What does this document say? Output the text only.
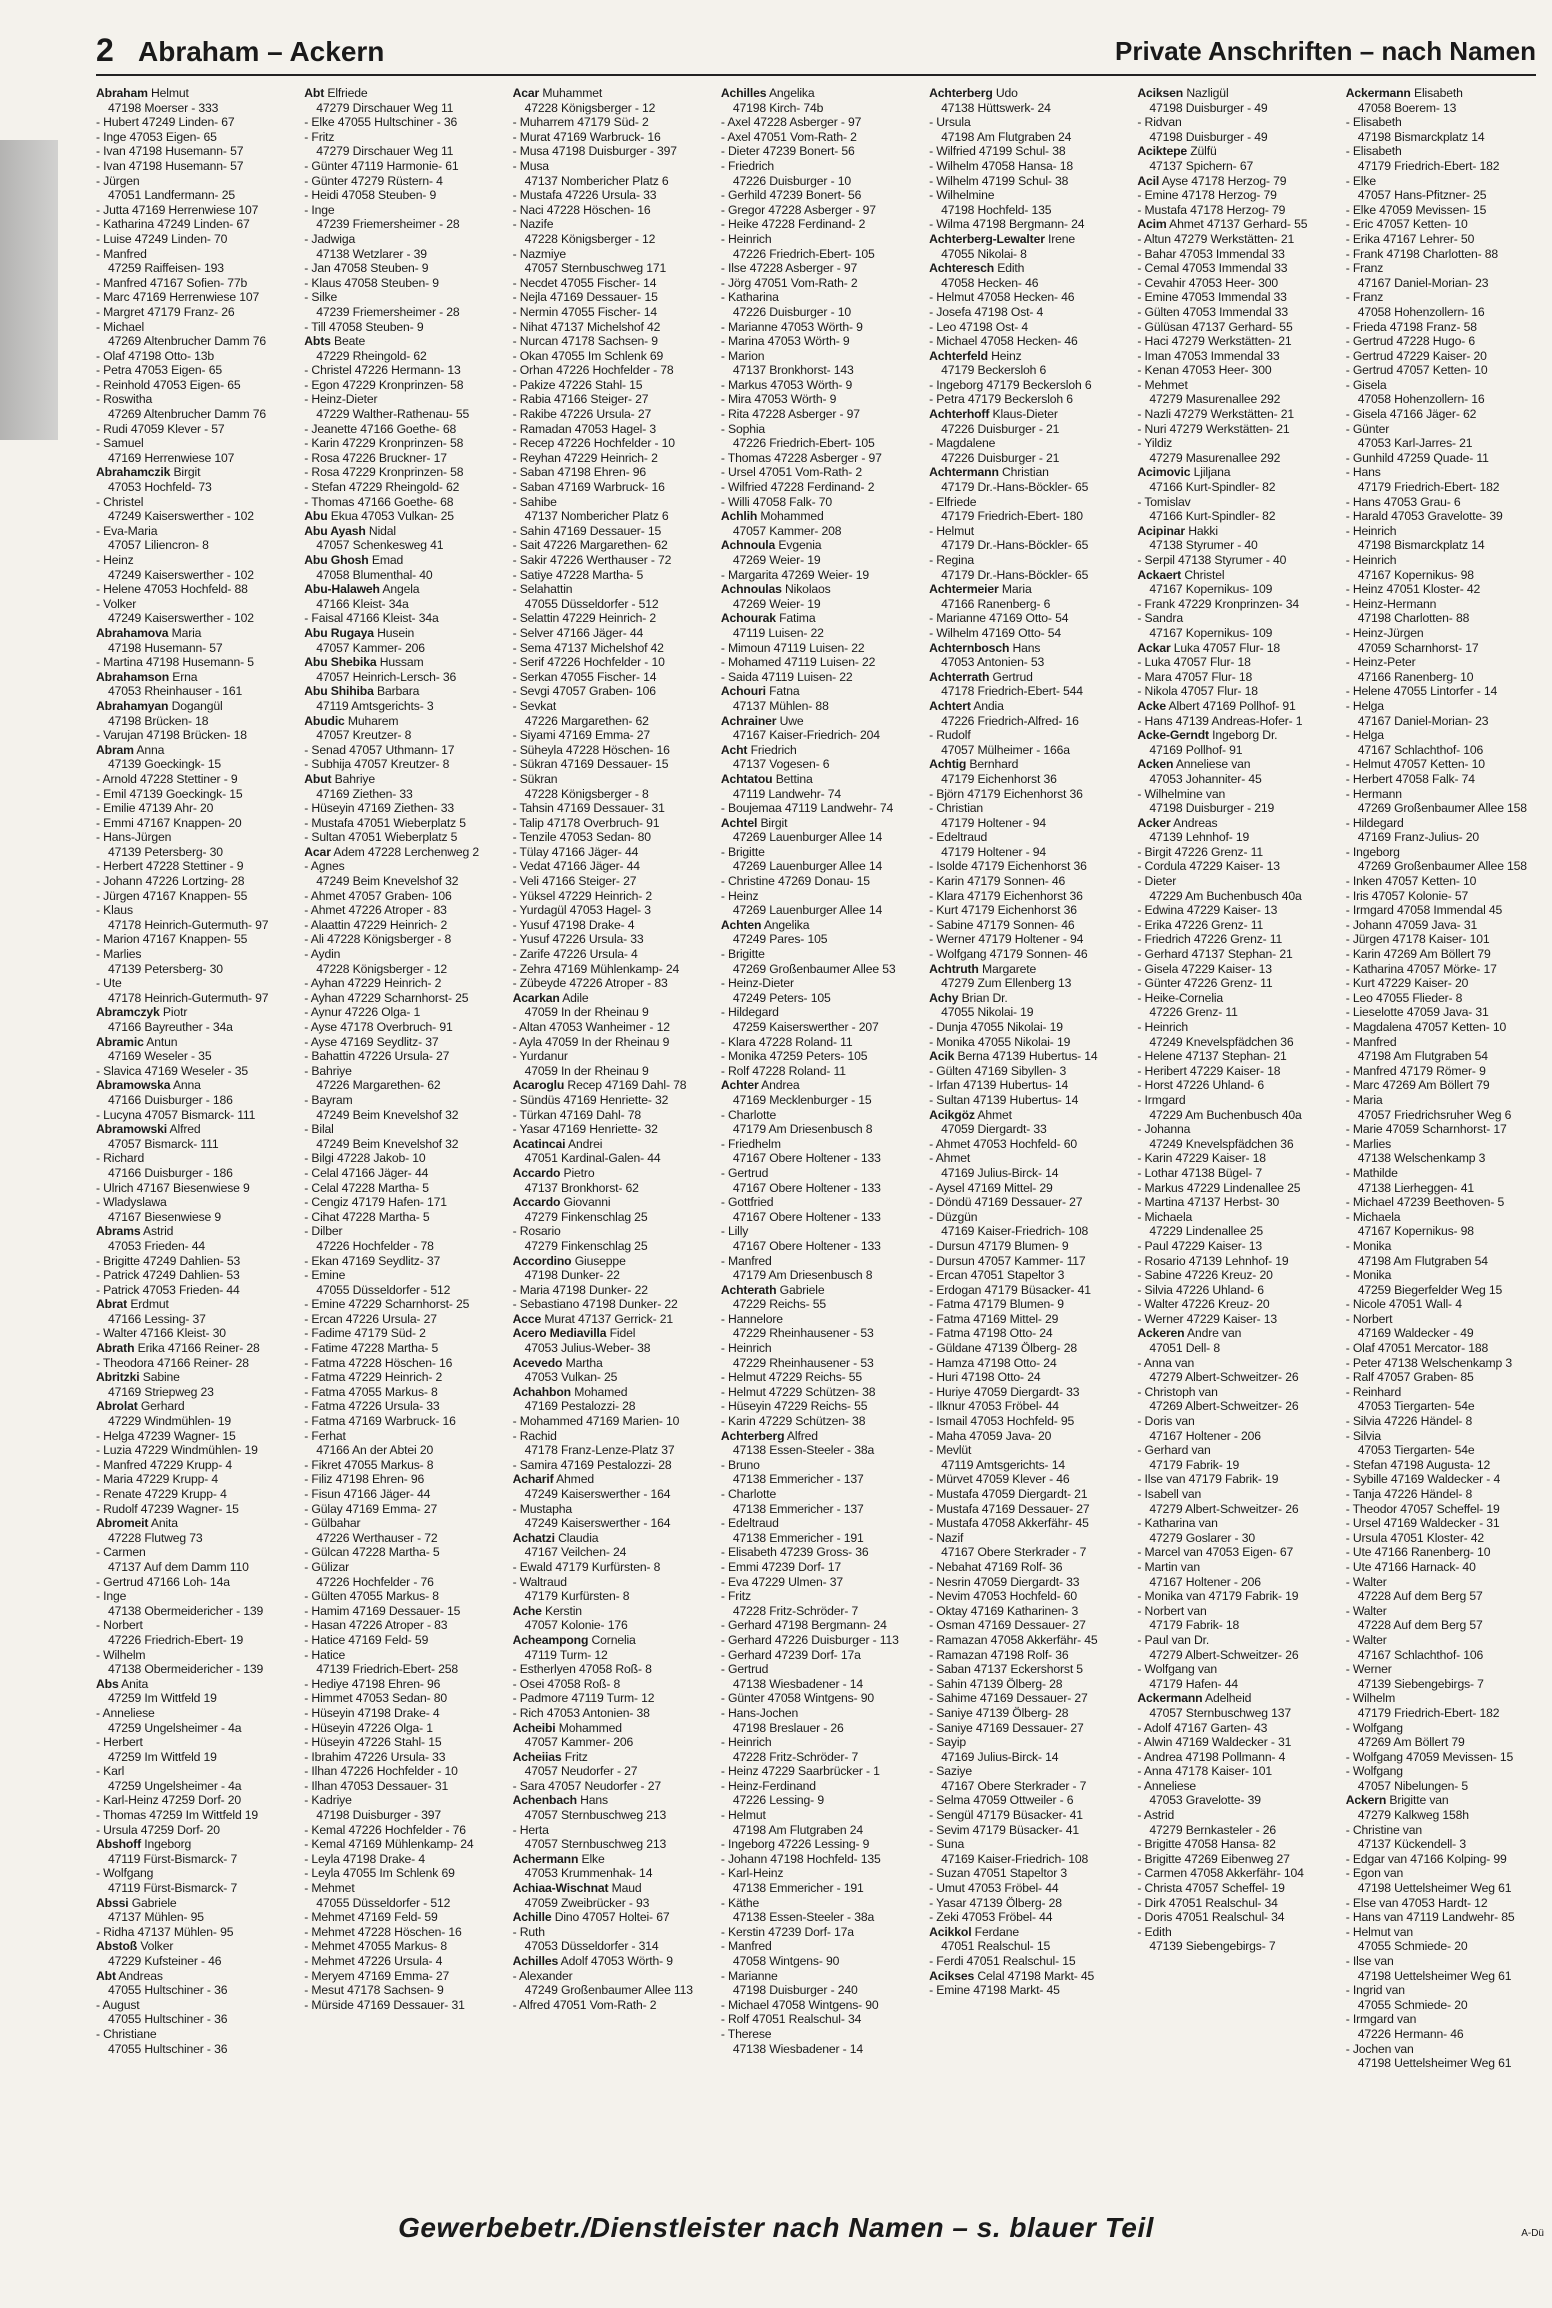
2 Abraham – Ackern	Private Anschriften – nach Namen
Abraham Helmut
47198 Moerser - 333
- Hubert 47249 Linden- 67
- Inge 47053 Eigen- 65
- Ivan 47198 Husemann- 57
- Ivan 47198 Husemann- 57
- Jürgen
47051 Landfermann- 25
- Jutta 47169 Herrenwiese 107
- Katharina 47249 Linden- 67
- Luise 47249 Linden- 70
- Manfred
47259 Raiffeisen- 193
- Manfred 47167 Sofien- 77b
- Marc 47169 Herrenwiese 107
- Margret 47179 Franz- 26
- Michael
47269 Altenbrucher Damm 76
- Olaf 47198 Otto- 13b
- Petra 47053 Eigen- 65
- Reinhold 47053 Eigen- 65
- Roswitha
47269 Altenbrucher Damm 76
- Rudi 47059 Klever - 57
- Samuel
47169 Herrenwiese 107
Abrahamczik Birgit
47053 Hochfeld- 73
- Christel
47249 Kaiserswerther - 102
- Eva-Maria
47057 Liliencron- 8
- Heinz
47249 Kaiserswerther - 102
- Helene 47053 Hochfeld- 88
- Volker
47249 Kaiserswerther - 102
Abrahamova Maria
47198 Husemann- 57
- Martina 47198 Husemann- 5
Abrahamson Erna
47053 Rheinhauser - 161
Abrahamyan Dogangül
47198 Brücken- 18
- Varujan 47198 Brücken- 18
Abram Anna
47139 Goeckingk- 15
- Arnold 47228 Stettiner - 9
- Emil 47139 Goeckingk- 15
- Emilie 47139 Ahr- 20
- Emmi 47167 Knappen- 20
- Hans-Jürgen
47139 Petersberg- 30
- Herbert 47228 Stettiner - 9
- Johann 47226 Lortzing- 28
- Jürgen 47167 Knappen- 55
- Klaus
47178 Heinrich-Gutermuth- 97
- Marion 47167 Knappen- 55
- Marlies
47139 Petersberg- 30
- Ute
47178 Heinrich-Gutermuth- 97
Abramczyk Piotr
47166 Bayreuther - 34a
Abramic Antun
47169 Weseler - 35
- Slavica 47169 Weseler - 35
Abramowska Anna
47166 Duisburger - 186
- Lucyna 47057 Bismarck- 111
Abramowski Alfred
47057 Bismarck- 111
- Richard
47166 Duisburger - 186
- Ulrich 47167 Biesenwiese 9
- Wladyslawa
47167 Biesenwiese 9
Abrams Astrid
47053 Frieden- 44
- Brigitte 47249 Dahlien- 53
- Patrick 47249 Dahlien- 53
- Patrick 47053 Frieden- 44
Abrat Erdmut
47166 Lessing- 37
- Walter 47166 Kleist- 30
Abrath Erika 47166 Reiner- 28
- Theodora 47166 Reiner- 28
Abritzki Sabine
47169 Striepweg 23
Abrolat Gerhard
47229 Windmühlen- 19
- Helga 47239 Wagner- 15
- Luzia 47229 Windmühlen- 19
- Manfred 47229 Krupp- 4
- Maria 47229 Krupp- 4
- Renate 47229 Krupp- 4
- Rudolf 47239 Wagner- 15
Abromeit Anita
47228 Flutweg 73
- Carmen
47137 Auf dem Damm 110
- Gertrud 47166 Loh- 14a
- Inge
47138 Obermeidericher - 139
- Norbert
47226 Friedrich-Ebert- 19
- Wilhelm
47138 Obermeidericher - 139
Abs Anita
47259 Im Wittfeld 19
- Anneliese
47259 Ungelsheimer - 4a
- Herbert
47259 Im Wittfeld 19
- Karl
47259 Ungelsheimer - 4a
- Karl-Heinz 47259 Dorf- 20
- Thomas 47259 Im Wittfeld 19
- Ursula 47259 Dorf- 20
Abshoff Ingeborg
47119 Fürst-Bismarck- 7
- Wolfgang
47119 Fürst-Bismarck- 7
Abssi Gabriele
47137 Mühlen- 95
- Ridha 47137 Mühlen- 95
Abstoß Volker
47229 Kufsteiner - 46
Abt Andreas
47055 Hultschiner - 36
- August
47055 Hultschiner - 36
- Christiane
47055 Hultschiner - 36
Abt Elfriede
47279 Dirschauer Weg 11
- Elke 47055 Hultschiner - 36
- Fritz
47279 Dirschauer Weg 11
- Günter 47119 Harmonie- 61
- Günter 47279 Rüstern- 4
- Heidi 47058 Steuben- 9
- Inge
47239 Friemersheimer - 28
- Jadwiga
47138 Wetzlarer - 39
- Jan 47058 Steuben- 9
- Klaus 47058 Steuben- 9
- Silke
47239 Friemersheimer - 28
- Till 47058 Steuben- 9
Abts Beate
47229 Rheingold- 62
- Christel 47226 Hermann- 13
- Egon 47229 Kronprinzen- 58
- Heinz-Dieter
47229 Walther-Rathenau- 55
- Jeanette 47166 Goethe- 68
- Karin 47229 Kronprinzen- 58
- Rosa 47226 Bruckner- 17
- Rosa 47229 Kronprinzen- 58
- Stefan 47229 Rheingold- 62
- Thomas 47166 Goethe- 68
Abu Ekua 47053 Vulkan- 25
Abu Ayash Nidal
47057 Schenkesweg 41
Abu Ghosh Emad
47058 Blumenthal- 40
Abu-Halaweh Angela
47166 Kleist- 34a
- Faisal 47166 Kleist- 34a
Abu Rugaya Husein
47057 Kammer- 206
Abu Shebika Hussam
47057 Heinrich-Lersch- 36
Abu Shihiba Barbara
47119 Amtsgerichts- 3
Abudic Muharem
47057 Kreutzer- 8
- Senad 47057 Uthmann- 17
- Subhija 47057 Kreutzer- 8
Abut Bahriye
47169 Ziethen- 33
- Hüseyin 47169 Ziethen- 33
- Mustafa 47051 Wieberplatz 5
- Sultan 47051 Wieberplatz 5
Acar Adem 47228 Lerchenweg 2
- Agnes
47249 Beim Knevelshof 32
- Ahmet 47057 Graben- 106
- Ahmet 47226 Atroper - 83
- Alaattin 47229 Heinrich- 2
- Ali 47228 Königsberger - 8
- Aydin
47228 Königsberger - 12
- Ayhan 47229 Heinrich- 2
- Ayhan 47229 Scharnhorst- 25
- Aynur 47226 Olga- 1
- Ayse 47178 Overbruch- 91
- Ayse 47169 Seydlitz- 37
- Bahattin 47226 Ursula- 27
- Bahriye
47226 Margarethen- 62
- Bayram
47249 Beim Knevelshof 32
- Bilal
47249 Beim Knevelshof 32
- Bilgi 47228 Jakob- 10
- Celal 47166 Jäger- 44
- Celal 47228 Martha- 5
- Cengiz 47179 Hafen- 171
- Cihat 47228 Martha- 5
- Dilber
47226 Hochfelder - 78
- Ekan 47169 Seydlitz- 37
- Emine
47055 Düsseldorfer - 512
- Emine 47229 Scharnhorst- 25
- Ercan 47226 Ursula- 27
- Fadime 47179 Süd- 2
- Fatime 47228 Martha- 5
- Fatma 47228 Höschen- 16
- Fatma 47229 Heinrich- 2
- Fatma 47055 Markus- 8
- Fatma 47226 Ursula- 33
- Fatma 47169 Warbruck- 16
- Ferhat
47166 An der Abtei 20
- Fikret 47055 Markus- 8
- Filiz 47198 Ehren- 96
- Fisun 47166 Jäger- 44
- Gülay 47169 Emma- 27
- Gülbahar
47226 Werthauser - 72
- Gülcan 47228 Martha- 5
- Gülizar
47226 Hochfelder - 76
- Gülten 47055 Markus- 8
- Hamim 47169 Dessauer- 15
- Hasan 47226 Atroper - 83
- Hatice 47169 Feld- 59
- Hatice
47139 Friedrich-Ebert- 258
- Hediye 47198 Ehren- 96
- Himmet 47053 Sedan- 80
- Hüseyin 47198 Drake- 4
- Hüseyin 47226 Olga- 1
- Hüseyin 47226 Stahl- 15
- Ibrahim 47226 Ursula- 33
- Ilhan 47226 Hochfelder - 10
- Ilhan 47053 Dessauer- 31
- Kadriye
47198 Duisburger - 397
- Kemal 47226 Hochfelder - 76
- Kemal 47169 Mühlenkamp- 24
- Leyla 47198 Drake- 4
- Leyla 47055 Im Schlenk 69
- Mehmet
47055 Düsseldorfer - 512
- Mehmet 47169 Feld- 59
- Mehmet 47228 Höschen- 16
- Mehmet 47055 Markus- 8
- Mehmet 47226 Ursula- 4
- Meryem 47169 Emma- 27
- Mesut 47178 Sachsen- 9
- Mürside 47169 Dessauer- 31
Acar Muhammet
47228 Königsberger - 12
- Muharrem 47179 Süd- 2
- Murat 47169 Warbruck- 16
- Musa 47198 Duisburger - 397
- Musa
47137 Nombericher Platz 6
- Mustafa 47226 Ursula- 33
- Naci 47228 Höschen- 16
- Nazife
47228 Königsberger - 12
- Nazmiye
47057 Sternbuschweg 171
- Necdet 47055 Fischer- 14
- Nejla 47169 Dessauer- 15
- Nermin 47055 Fischer- 14
- Nihat 47137 Michelshof 42
- Nurcan 47178 Sachsen- 9
- Okan 47055 Im Schlenk 69
- Orhan 47226 Hochfelder - 78
- Pakize 47226 Stahl- 15
- Rabia 47166 Steiger- 27
- Rakibe 47226 Ursula- 27
- Ramadan 47053 Hagel- 3
- Recep 47226 Hochfelder - 10
- Reyhan 47229 Heinrich- 2
- Saban 47198 Ehren- 96
- Saban 47169 Warbruck- 16
- Sahibe
47137 Nombericher Platz 6
- Sahin 47169 Dessauer- 15
- Sait 47226 Margarethen- 62
- Sakir 47226 Werthauser - 72
- Satiye 47228 Martha- 5
- Selahattin
47055 Düsseldorfer - 512
- Selattin 47229 Heinrich- 2
- Selver 47166 Jäger- 44
- Sema 47137 Michelshof 42
- Serif 47226 Hochfelder - 10
- Serkan 47055 Fischer- 14
- Sevgi 47057 Graben- 106
- Sevkat
47226 Margarethen- 62
- Siyami 47169 Emma- 27
- Süheyla 47228 Höschen- 16
- Sükran 47169 Dessauer- 15
- Sükran
47228 Königsberger - 8
- Tahsin 47169 Dessauer- 31
- Talip 47178 Overbruch- 91
- Tenzile 47053 Sedan- 80
- Tülay 47166 Jäger- 44
- Vedat 47166 Jäger- 44
- Veli 47166 Steiger- 27
- Yüksel 47229 Heinrich- 2
- Yurdagül 47053 Hagel- 3
- Yusuf 47198 Drake- 4
- Yusuf 47226 Ursula- 33
- Zarife 47226 Ursula- 4
- Zehra 47169 Mühlenkamp- 24
- Zübeyde 47226 Atroper - 83
Acarkan Adile
47059 In der Rheinau 9
- Altan 47053 Wanheimer - 12
- Ayla 47059 In der Rheinau 9
- Yurdanur
47059 In der Rheinau 9
Acaroglu Recep 47169 Dahl- 78
- Sündüs 47169 Henriette- 32
- Türkan 47169 Dahl- 78
- Yasar 47169 Henriette- 32
Acatincai Andrei
47051 Kardinal-Galen- 44
Accardo Pietro
47137 Bronkhorst- 62
Accardo Giovanni
47279 Finkenschlag 25
- Rosario
47279 Finkenschlag 25
Accordino Giuseppe
47198 Dunker- 22
- Maria 47198 Dunker- 22
- Sebastiano 47198 Dunker- 22
Acce Murat 47137 Gerrick- 21
Acero Mediavilla Fidel
47053 Julius-Weber- 38
Acevedo Martha
47053 Vulkan- 25
Achahbon Mohamed
47169 Pestalozzi- 28
- Mohammed 47169 Marien- 10
- Rachid
47178 Franz-Lenze-Platz 37
- Samira 47169 Pestalozzi- 28
Acharif Ahmed
47249 Kaiserswerther - 164
- Mustapha
47249 Kaiserswerther - 164
Achatzi Claudia
47167 Veilchen- 24
- Ewald 47179 Kurfürsten- 8
- Waltraud
47179 Kurfürsten- 8
Ache Kerstin
47057 Kolonie- 176
Acheampong Cornelia
47119 Turm- 12
- Estherlyen 47058 Roß- 8
- Osei 47058 Roß- 8
- Padmore 47119 Turm- 12
- Rich 47053 Antonien- 38
Acheibi Mohammed
47057 Kammer- 206
Acheiias Fritz
47057 Neudorfer - 27
- Sara 47057 Neudorfer - 27
Achenbach Hans
47057 Sternbuschweg 213
- Herta
47057 Sternbuschweg 213
Achermann Elke
47053 Krummenhak- 14
Achiaa-Wischnat Maud
47059 Zweibrücker - 93
Achille Dino 47057 Holtei- 67
- Ruth
47053 Düsseldorfer - 314
Achilles Adolf 47053 Wörth- 9
- Alexander
47249 Großenbaumer Allee 113
- Alfred 47051 Vom-Rath- 2
Achilles Angelika
47198 Kirch- 74b
- Axel 47228 Asberger - 97
- Axel 47051 Vom-Rath- 2
- Dieter 47239 Bonert- 56
- Friedrich
47226 Duisburger - 10
- Gerhild 47239 Bonert- 56
- Gregor 47228 Asberger - 97
- Heike 47228 Ferdinand- 2
- Heinrich
47226 Friedrich-Ebert- 105
- Ilse 47228 Asberger - 97
- Jörg 47051 Vom-Rath- 2
- Katharina
47226 Duisburger - 10
- Marianne 47053 Wörth- 9
- Marina 47053 Wörth- 9
- Marion
47137 Bronkhorst- 143
- Markus 47053 Wörth- 9
- Mira 47053 Wörth- 9
- Rita 47228 Asberger - 97
- Sophia
47226 Friedrich-Ebert- 105
- Thomas 47228 Asberger - 97
- Ursel 47051 Vom-Rath- 2
- Wilfried 47228 Ferdinand- 2
- Willi 47058 Falk- 70
Achlih Mohammed
47057 Kammer- 208
Achnoula Evgenia
47269 Weier- 19
- Margarita 47269 Weier- 19
Achnoulas Nikolaos
47269 Weier- 19
Achourak Fatima
47119 Luisen- 22
- Mimoun 47119 Luisen- 22
- Mohamed 47119 Luisen- 22
- Saida 47119 Luisen- 22
Achouri Fatna
47137 Mühlen- 88
Achrainer Uwe
47167 Kaiser-Friedrich- 204
Acht Friedrich
47137 Vogesen- 6
Achtatou Bettina
47119 Landwehr- 74
- Boujemaa 47119 Landwehr- 74
Achtel Birgit
47269 Lauenburger Allee 14
- Brigitte
47269 Lauenburger Allee 14
- Christine 47269 Donau- 15
- Heinz
47269 Lauenburger Allee 14
Achten Angelika
47249 Pares- 105
- Brigitte
47269 Großenbaumer Allee 53
- Heinz-Dieter
47249 Peters- 105
- Hildegard
47259 Kaiserswerther - 207
- Klara 47228 Roland- 11
- Monika 47259 Peters- 105
- Rolf 47228 Roland- 11
Achter Andrea
47169 Mecklenburger - 15
- Charlotte
47179 Am Driesenbusch 8
- Friedhelm
47167 Obere Holtener - 133
- Gertrud
47167 Obere Holtener - 133
- Gottfried
47167 Obere Holtener - 133
- Lilly
47167 Obere Holtener - 133
- Manfred
47179 Am Driesenbusch 8
Achterath Gabriele
47229 Reichs- 55
- Hannelore
47229 Rheinhausener - 53
- Heinrich
47229 Rheinhausener - 53
- Helmut 47229 Reichs- 55
- Helmut 47229 Schützen- 38
- Hüseyin 47229 Reichs- 55
- Karin 47229 Schützen- 38
Achterberg Alfred
47138 Essen-Steeler - 38a
- Bruno
47138 Emmericher - 137
- Charlotte
47138 Emmericher - 137
- Edeltraud
47138 Emmericher - 191
- Elisabeth 47239 Gross- 36
- Emmi 47239 Dorf- 17
- Eva 47229 Ulmen- 37
- Fritz
47228 Fritz-Schröder- 7
- Gerhard 47198 Bergmann- 24
- Gerhard 47226 Duisburger - 113
- Gerhard 47239 Dorf- 17a
- Gertrud
47138 Wiesbadener - 14
- Günter 47058 Wintgens- 90
- Hans-Jochen
47198 Breslauer - 26
- Heinrich
47228 Fritz-Schröder- 7
- Heinz 47229 Saarbrücker - 1
- Heinz-Ferdinand
47226 Lessing- 9
- Helmut
47198 Am Flutgraben 24
- Ingeborg 47226 Lessing- 9
- Johann 47198 Hochfeld- 135
- Karl-Heinz
47138 Emmericher - 191
- Käthe
47138 Essen-Steeler - 38a
- Kerstin 47239 Dorf- 17a
- Manfred
47058 Wintgens- 90
- Marianne
47198 Duisburger - 240
- Michael 47058 Wintgens- 90
- Rolf 47051 Realschul- 34
- Therese
47138 Wiesbadener - 14
Achterberg Udo
47138 Hüttswerk- 24
- Ursula
47198 Am Flutgraben 24
- Wilfried 47199 Schul- 38
- Wilhelm 47058 Hansa- 18
- Wilhelm 47199 Schul- 38
- Wilhelmine
47198 Hochfeld- 135
- Wilma 47198 Bergmann- 24
Achterberg-Lewalter Irene
47055 Nikolai- 8
Achteresch Edith
47058 Hecken- 46
- Helmut 47058 Hecken- 46
- Josefa 47198 Ost- 4
- Leo 47198 Ost- 4
- Michael 47058 Hecken- 46
Achterfeld Heinz
47179 Beckersloh 6
- Ingeborg 47179 Beckersloh 6
- Petra 47179 Beckersloh 6
Achterhoff Klaus-Dieter
47226 Duisburger - 21
- Magdalene
47226 Duisburger - 21
Achtermann Christian
47179 Dr.-Hans-Böckler- 65
- Elfriede
47179 Friedrich-Ebert- 180
- Helmut
47179 Dr.-Hans-Böckler- 65
- Regina
47179 Dr.-Hans-Böckler- 65
Achtermeier Maria
47166 Ranenberg- 6
- Marianne 47169 Otto- 54
- Wilhelm 47169 Otto- 54
Achternbosch Hans
47053 Antonien- 53
Achterrath Gertrud
47178 Friedrich-Ebert- 544
Achtert Andia
47226 Friedrich-Alfred- 16
- Rudolf
47057 Mülheimer - 166a
Achtig Bernhard
47179 Eichenhorst 36
- Björn 47179 Eichenhorst 36
- Christian
47179 Holtener - 94
- Edeltraud
47179 Holtener - 94
- Isolde 47179 Eichenhorst 36
- Karin 47179 Sonnen- 46
- Klara 47179 Eichenhorst 36
- Kurt 47179 Eichenhorst 36
- Sabine 47179 Sonnen- 46
- Werner 47179 Holtener - 94
- Wolfgang 47179 Sonnen- 46
Achtruth Margarete
47279 Zum Ellenberg 13
Achy Brian Dr.
47055 Nikolai- 19
- Dunja 47055 Nikolai- 19
- Monika 47055 Nikolai- 19
Acik Berna 47139 Hubertus- 14
- Gülten 47169 Sibyllen- 3
- Irfan 47139 Hubertus- 14
- Sultan 47139 Hubertus- 14
Acikgöz Ahmet
47059 Diergardt- 33
- Ahmet 47053 Hochfeld- 60
- Ahmet
47169 Julius-Birck- 14
- Aysel 47169 Mittel- 29
- Döndü 47169 Dessauer- 27
- Düzgün
47169 Kaiser-Friedrich- 108
- Dursun 47179 Blumen- 9
- Dursun 47057 Kammer- 117
- Ercan 47051 Stapeltor 3
- Erdogan 47179 Büsacker- 41
- Fatma 47179 Blumen- 9
- Fatma 47169 Mittel- 29
- Fatma 47198 Otto- 24
- Güldane 47139 Ölberg- 28
- Hamza 47198 Otto- 24
- Huri 47198 Otto- 24
- Huriye 47059 Diergardt- 33
- Ilknur 47053 Fröbel- 44
- Ismail 47053 Hochfeld- 95
- Maha 47059 Java- 20
- Mevlüt
47119 Amtsgerichts- 14
- Mürvet 47059 Klever - 46
- Mustafa 47059 Diergardt- 21
- Mustafa 47169 Dessauer- 27
- Mustafa 47058 Akkerfähr- 45
- Nazif
47167 Obere Sterkrader - 7
- Nebahat 47169 Rolf- 36
- Nesrin 47059 Diergardt- 33
- Nevim 47053 Hochfeld- 60
- Oktay 47169 Katharinen- 3
- Osman 47169 Dessauer- 27
- Ramazan 47058 Akkerfähr- 45
- Ramazan 47198 Rolf- 36
- Saban 47137 Eckershorst 5
- Sahin 47139 Ölberg- 28
- Sahime 47169 Dessauer- 27
- Saniye 47139 Ölberg- 28
- Saniye 47169 Dessauer- 27
- Sayip
47169 Julius-Birck- 14
- Saziye
47167 Obere Sterkrader - 7
- Selma 47059 Ottweiler - 6
- Sengül 47179 Büsacker- 41
- Sevim 47179 Büsacker- 41
- Suna
47169 Kaiser-Friedrich- 108
- Suzan 47051 Stapeltor 3
- Umut 47053 Fröbel- 44
- Yasar 47139 Ölberg- 28
- Zeki 47053 Fröbel- 44
Acikkol Ferdane
47051 Realschul- 15
- Ferdi 47051 Realschul- 15
Acikses Celal 47198 Markt- 45
- Emine 47198 Markt- 45
Aciksen Nazligül
47198 Duisburger - 49
- Ridvan
47198 Duisburger - 49
Aciktepe Zülfü
47137 Spichern- 67
Acil Ayse 47178 Herzog- 79
- Emine 47178 Herzog- 79
- Mustafa 47178 Herzog- 79
Acim Ahmet 47137 Gerhard- 55
- Altun 47279 Werkstätten- 21
- Bahar 47053 Immendal 33
- Cemal 47053 Immendal 33
- Cevahir 47053 Heer- 300
- Emine 47053 Immendal 33
- Gülten 47053 Immendal 33
- Gülüsan 47137 Gerhard- 55
- Haci 47279 Werkstätten- 21
- Iman 47053 Immendal 33
- Kenan 47053 Heer- 300
- Mehmet
47279 Masurenallee 292
- Nazli 47279 Werkstätten- 21
- Nuri 47279 Werkstätten- 21
- Yildiz
47279 Masurenallee 292
Acimovic Ljiljana
47166 Kurt-Spindler- 82
- Tomislav
47166 Kurt-Spindler- 82
Acipinar Hakki
47138 Styrumer - 40
- Serpil 47138 Styrumer - 40
Ackaert Christel
47167 Kopernikus- 109
- Frank 47229 Kronprinzen- 34
- Sandra
47167 Kopernikus- 109
Ackar Luka 47057 Flur- 18
- Luka 47057 Flur- 18
- Mara 47057 Flur- 18
- Nikola 47057 Flur- 18
Acke Albert 47169 Pollhof- 91
- Hans 47139 Andreas-Hofer- 1
Acke-Gerndt Ingeborg Dr.
47169 Pollhof- 91
Acken Anneliese van
47053 Johanniter- 45
- Wilhelmine van
47198 Duisburger - 219
Acker Andreas
47139 Lehnhof- 19
- Birgit 47226 Grenz- 11
- Cordula 47229 Kaiser- 13
- Dieter
47229 Am Buchenbusch 40a
- Edwina 47229 Kaiser- 13
- Erika 47226 Grenz- 11
- Friedrich 47226 Grenz- 11
- Gerhard 47137 Stephan- 21
- Gisela 47229 Kaiser- 13
- Günter 47226 Grenz- 11
- Heike-Cornelia
47226 Grenz- 11
- Heinrich
47249 Knevelspfädchen 36
- Helene 47137 Stephan- 21
- Heribert 47229 Kaiser- 18
- Horst 47226 Uhland- 6
- Irmgard
47229 Am Buchenbusch 40a
- Johanna
47249 Knevelspfädchen 36
- Karin 47229 Kaiser- 18
- Lothar 47138 Bügel- 7
- Markus 47229 Lindenallee 25
- Martina 47137 Herbst- 30
- Michaela
47229 Lindenallee 25
- Paul 47229 Kaiser- 13
- Rosario 47139 Lehnhof- 19
- Sabine 47226 Kreuz- 20
- Silvia 47226 Uhland- 6
- Walter 47226 Kreuz- 20
- Werner 47229 Kaiser- 13
Ackeren Andre van
47051 Dell- 8
- Anna van
47279 Albert-Schweitzer- 26
- Christoph van
47269 Albert-Schweitzer- 26
- Doris van
47167 Holtener - 206
- Gerhard van
47179 Fabrik- 19
- Ilse van 47179 Fabrik- 19
- Isabell van
47279 Albert-Schweitzer- 26
- Katharina van
47279 Goslarer - 30
- Marcel van 47053 Eigen- 67
- Martin van
47167 Holtener - 206
- Monika van 47179 Fabrik- 19
- Norbert van
47179 Fabrik- 18
- Paul van Dr.
47279 Albert-Schweitzer- 26
- Wolfgang van
47179 Hafen- 44
Ackermann Adelheid
47057 Sternbuschweg 137
- Adolf 47167 Garten- 43
- Alwin 47169 Waldecker - 31
- Andrea 47198 Pollmann- 4
- Anna 47178 Kaiser- 101
- Anneliese
47053 Gravelotte- 39
- Astrid
47279 Bernkasteler - 26
- Brigitte 47058 Hansa- 82
- Brigitte 47269 Eibenweg 27
- Carmen 47058 Akkerfähr- 104
- Christa 47057 Scheffel- 19
- Dirk 47051 Realschul- 34
- Doris 47051 Realschul- 34
- Edith
47139 Siebengebirgs- 7
Ackermann Elisabeth
47058 Boerem- 13
- Elisabeth
47198 Bismarckplatz 14
- Elisabeth
47179 Friedrich-Ebert- 182
- Elke
47057 Hans-Pfitzner- 25
- Elke 47059 Mevissen- 15
- Eric 47057 Ketten- 10
- Erika 47167 Lehrer- 50
- Frank 47198 Charlotten- 88
- Franz
47167 Daniel-Morian- 23
- Franz
47058 Hohenzollern- 16
- Frieda 47198 Franz- 58
- Gertrud 47228 Hugo- 6
- Gertrud 47229 Kaiser- 20
- Gertrud 47057 Ketten- 10
- Gisela
47058 Hohenzollern- 16
- Gisela 47166 Jäger- 62
- Günter
47053 Karl-Jarres- 21
- Gunhild 47259 Quade- 11
- Hans
47179 Friedrich-Ebert- 182
- Hans 47053 Grau- 6
- Harald 47053 Gravelotte- 39
- Heinrich
47198 Bismarckplatz 14
- Heinrich
47167 Kopernikus- 98
- Heinz 47051 Kloster- 42
- Heinz-Hermann
47198 Charlotten- 88
- Heinz-Jürgen
47059 Scharnhorst- 17
- Heinz-Peter
47166 Ranenberg- 10
- Helene 47055 Lintorfer - 14
- Helga
47167 Daniel-Morian- 23
- Helga
47167 Schlachthof- 106
- Helmut 47057 Ketten- 10
- Herbert 47058 Falk- 74
- Hermann
47269 Großenbaumer Allee 158
- Hildegard
47169 Franz-Julius- 20
- Ingeborg
47269 Großenbaumer Allee 158
- Inken 47057 Ketten- 10
- Iris 47057 Kolonie- 57
- Irmgard 47058 Immendal 45
- Johann 47059 Java- 31
- Jürgen 47178 Kaiser- 101
- Karin 47269 Am Böllert 79
- Katharina 47057 Mörke- 17
- Kurt 47229 Kaiser- 20
- Leo 47055 Flieder- 8
- Lieselotte 47059 Java- 31
- Magdalena 47057 Ketten- 10
- Manfred
47198 Am Flutgraben 54
- Manfred 47179 Römer- 9
- Marc 47269 Am Böllert 79
- Maria
47057 Friedrichsruher Weg 6
- Marie 47059 Scharnhorst- 17
- Marlies
47138 Welschenkamp 3
- Mathilde
47138 Lierheggen- 41
- Michael 47239 Beethoven- 5
- Michaela
47167 Kopernikus- 98
- Monika
47198 Am Flutgraben 54
- Monika
47259 Biegerfelder Weg 15
- Nicole 47051 Wall- 4
- Norbert
47169 Waldecker - 49
- Olaf 47051 Mercator- 188
- Peter 47138 Welschenkamp 3
- Ralf 47057 Graben- 85
- Reinhard
47053 Tiergarten- 54e
- Silvia 47226 Händel- 8
- Silvia
47053 Tiergarten- 54e
- Stefan 47198 Augusta- 12
- Sybille 47169 Waldecker - 4
- Tanja 47226 Händel- 8
- Theodor 47057 Scheffel- 19
- Ursel 47169 Waldecker - 31
- Ursula 47051 Kloster- 42
- Ute 47166 Ranenberg- 10
- Ute 47166 Harnack- 40
- Walter
47228 Auf dem Berg 57
- Walter
47228 Auf dem Berg 57
- Walter
47167 Schlachthof- 106
- Werner
47139 Siebengebirgs- 7
- Wilhelm
47179 Friedrich-Ebert- 182
- Wolfgang
47269 Am Böllert 79
- Wolfgang 47059 Mevissen- 15
- Wolfgang
47057 Nibelungen- 5
Ackern Brigitte van
47279 Kalkweg 158h
- Christine van
47137 Kückendell- 3
- Edgar van 47166 Kolping- 99
- Egon van
47198 Uettelsheimer Weg 61
- Else van 47053 Hardt- 12
- Hans van 47119 Landwehr- 85
- Helmut van
47055 Schmiede- 20
- Ilse van
47198 Uettelsheimer Weg 61
- Ingrid van
47055 Schmiede- 20
- Irmgard van
47226 Hermann- 46
- Jochen van
47198 Uettelsheimer Weg 61
Gewerbebetr./Dienstleister nach Namen – s. blauer Teil	A-Dü
